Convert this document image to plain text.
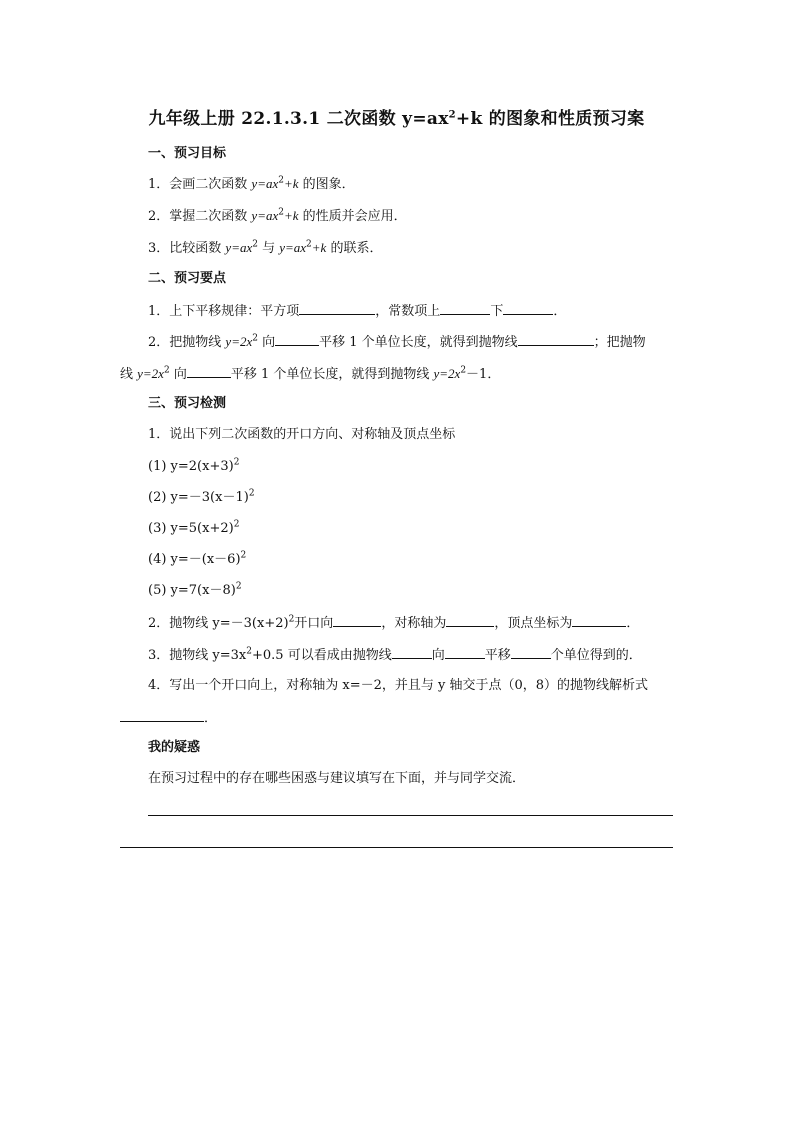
九年级上册 22.1.3.1 二次函数 $y=ax^2+k$ 的图象和性质预习案
一、预习目标
1．会画二次函数 $y=ax^2+k$ 的图象．
2．掌握二次函数 $y=ax^2+k$ 的性质并会应用．
3．比较函数 $y=ax^2$ 与 $y=ax^2+k$ 的联系．
二、预习要点
1．上下平移规律：平方项	，常数项上	下	．
2．把抛物线 $y=2x^2$ 向	平移 1 个单位长度，就得到抛物线	；把抛物
线 $y=2x^2$ 向	平移 1 个单位长度，就得到抛物线 $y=2x^2-1$．
三、预习检测
1．说出下列二次函数的开口方向、对称轴及顶点坐标
(1) $y=2(x+3)^2$
(2) $y=-3(x-1)^2$
(3) $y=5(x+2)^2$
(4) $y=-(x-6)^2$
(5) $y=7(x-8)^2$
2．抛物线 $y=-3(x+2)^2$开口向	，对称轴为	，顶点坐标为	．
3．抛物线 $y=3x^2+0.5$ 可以看成由抛物线	向	平移	个单位得到的．
4．写出一个开口向上，对称轴为 x=－2，并且与 y 轴交于点（0，8）的抛物线解析式
．
我的疑惑
在预习过程中的存在哪些困惑与建议填写在下面，并与同学交流．
